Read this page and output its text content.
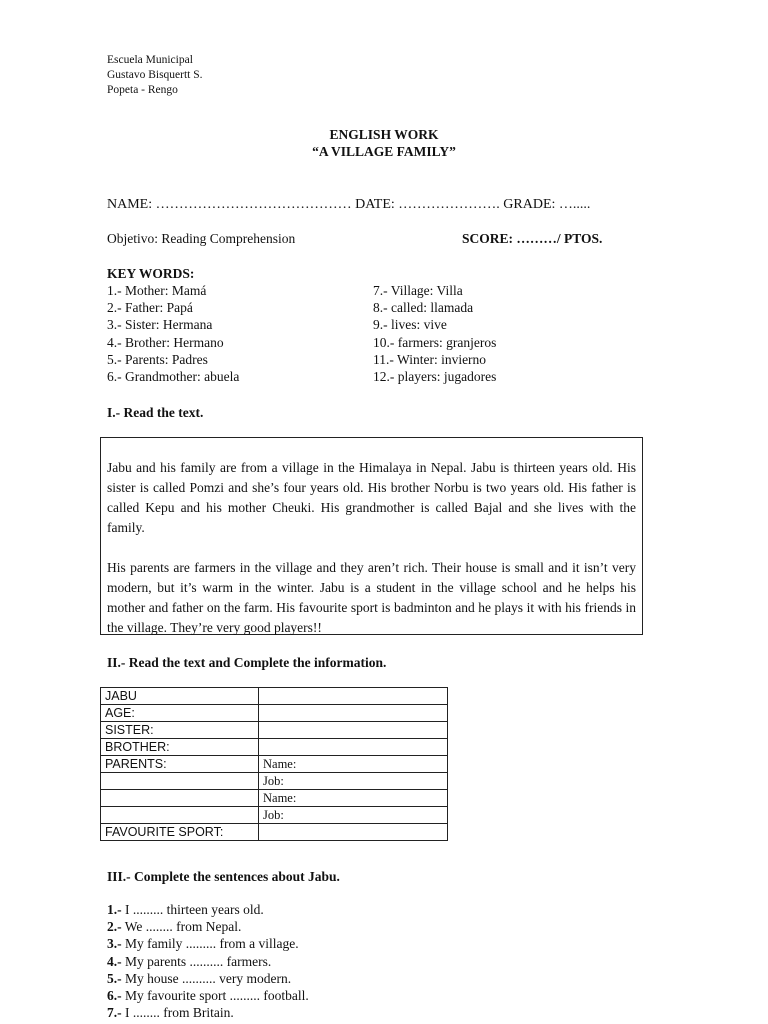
Escuela Municipal
Gustavo Bisquertt S.
Popeta - Rengo
ENGLISH WORK
“A VILLAGE FAMILY”
NAME: …………………………………… DATE: …………………. GRADE: ….....
Objetivo: Reading Comprehension	SCORE: ………/ PTOS.
KEY WORDS:
1.- Mother: Mamá
2.- Father: Papá
3.- Sister: Hermana
4.- Brother: Hermano
5.- Parents: Padres
6.- Grandmother: abuela
7.- Village: Villa
8.- called: llamada
9.- lives: vive
10.- farmers: granjeros
11.- Winter: invierno
12.- players: jugadores
I.- Read the text.

Jabu and his family are from a village in the Himalaya in Nepal. Jabu is thirteen years old. His sister is called Pomzi and she’s four years old. His brother Norbu is two years old. His father is called Kepu and his mother Cheuki. His grandmother is called Bajal and she lives with the family.

His parents are farmers in the village and they aren’t rich. Their house is small and it isn’t very modern, but it’s warm in the winter. Jabu is a student in the village school and he helps his mother and father on the farm. His favourite sport is badminton and he plays it with his friends in the village. They’re very good players!!

II.- Read the text and Complete the information.
JABU	
AGE:	
SISTER:	
BROTHER:	
PARENTS:	Name:
	Job:
	Name:
	Job:
FAVOURITE SPORT:	
III.- Complete the sentences about Jabu.
1.- I ......... thirteen years old.
2.- We ........ from Nepal.
3.- My family ......... from a village.
4.- My parents .......... farmers.
5.- My house .......... very modern.
6.- My favourite sport ......... football.
7.- I ........ from Britain.
